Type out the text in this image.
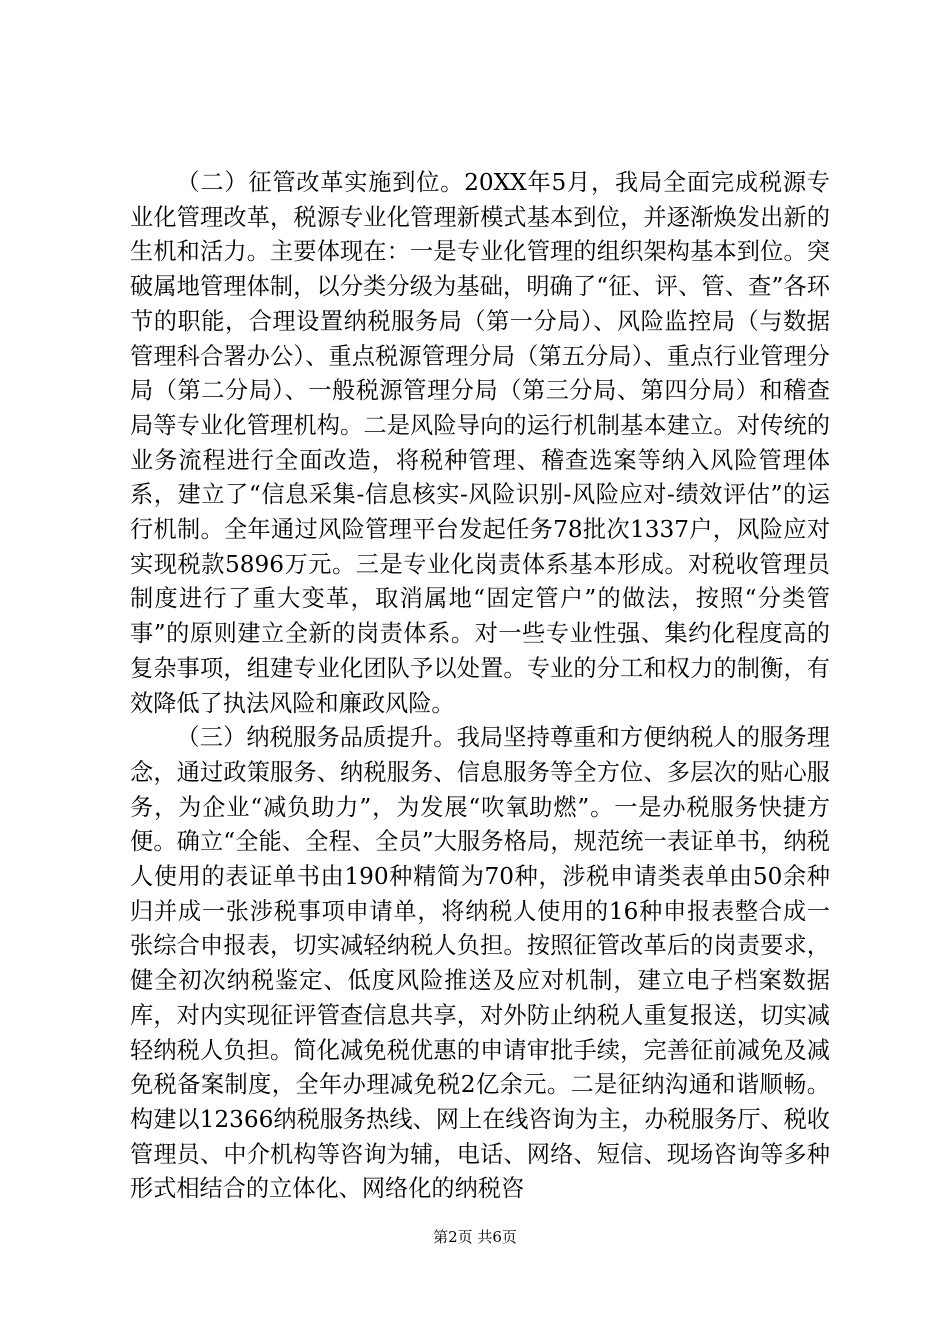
（二）征管改革实施到位。20XX年5月，我局全面完成税源专业化管理改革，税源专业化管理新模式基本到位，并逐渐焕发出新的生机和活力。主要体现在：一是专业化管理的组织架构基本到位。突破属地管理体制，以分类分级为基础，明确了“征、评、管、查”各环节的职能，合理设置纳税服务局（第一分局）、风险监控局（与数据管理科合署办公）、重点税源管理分局（第五分局）、重点行业管理分局（第二分局）、一般税源管理分局（第三分局、第四分局）和稽查局等专业化管理机构。二是风险导向的运行机制基本建立。对传统的业务流程进行全面改造，将税种管理、稽查选案等纳入风险管理体系，建立了“信息采集-信息核实-风险识别-风险应对-绩效评估”的运行机制。全年通过风险管理平台发起任务78批次1337户，风险应对实现税款5896万元。三是专业化岗责体系基本形成。对税收管理员制度进行了重大变革，取消属地“固定管户”的做法，按照“分类管事”的原则建立全新的岗责体系。对一些专业性强、集约化程度高的复杂事项，组建专业化团队予以处置。专业的分工和权力的制衡，有效降低了执法风险和廉政风险。

（三）纳税服务品质提升。我局坚持尊重和方便纳税人的服务理念，通过政策服务、纳税服务、信息服务等全方位、多层次的贴心服务，为企业“减负助力”，为发展“吹氧助燃”。一是办税服务快捷方便。确立“全能、全程、全员”大服务格局，规范统一表证单书，纳税人使用的表证单书由190种精简为70种，涉税申请类表单由50余种归并成一张涉税事项申请单，将纳税人使用的16种申报表整合成一张综合申报表，切实减轻纳税人负担。按照征管改革后的岗责要求，健全初次纳税鉴定、低度风险推送及应对机制，建立电子档案数据库，对内实现征评管查信息共享，对外防止纳税人重复报送，切实减轻纳税人负担。简化减免税优惠的申请审批手续，完善征前减免及减免税备案制度，全年办理减免税2亿余元。二是征纳沟通和谐顺畅。构建以12366纳税服务热线、网上在线咨询为主，办税服务厅、税收管理员、中介机构等咨询为辅，电话、网络、短信、现场咨询等多种形式相结合的立体化、网络化的纳税咨

第2页 共6页
